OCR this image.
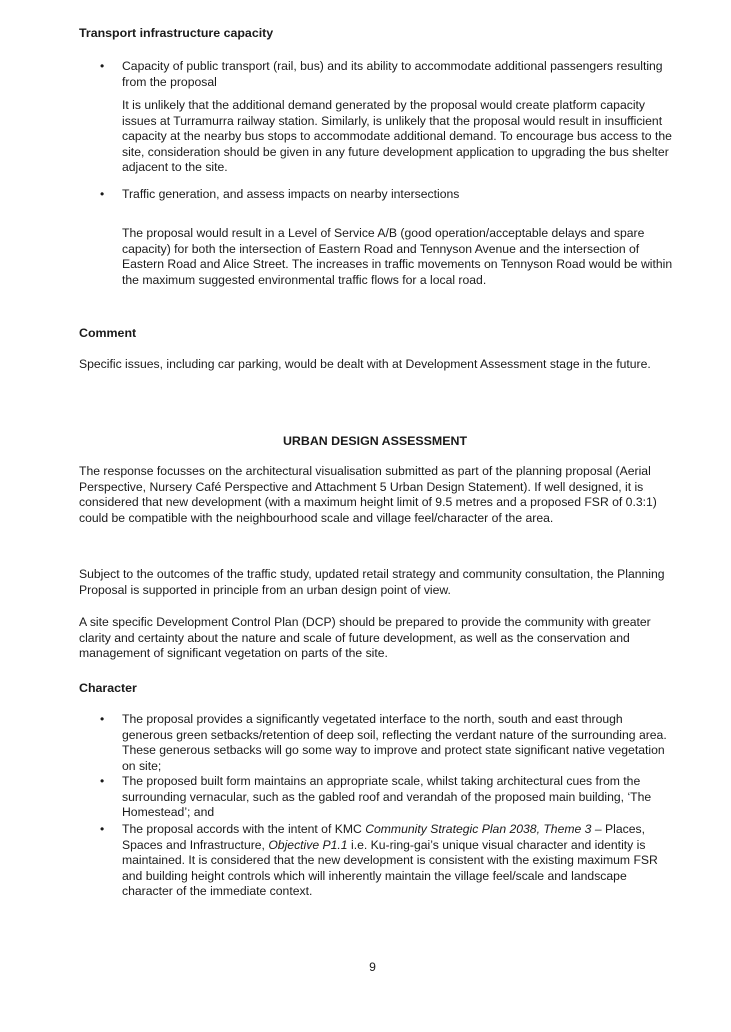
Transport infrastructure capacity
• Capacity of public transport (rail, bus) and its ability to accommodate additional passengers resulting from the proposal
It is unlikely that the additional demand generated by the proposal would create platform capacity issues at Turramurra railway station. Similarly, is unlikely that the proposal would result in insufficient capacity at the nearby bus stops to accommodate additional demand. To encourage bus access to the site, consideration should be given in any future development application to upgrading the bus shelter adjacent to the site.
• Traffic generation, and assess impacts on nearby intersections
The proposal would result in a Level of Service A/B (good operation/acceptable delays and spare capacity) for both the intersection of Eastern Road and Tennyson Avenue and the intersection of Eastern Road and Alice Street. The increases in traffic movements on Tennyson Road would be within the maximum suggested environmental traffic flows for a local road.
Comment
Specific issues, including car parking, would be dealt with at Development Assessment stage in the future.
URBAN DESIGN ASSESSMENT
The response focusses on the architectural visualisation submitted as part of the planning proposal (Aerial Perspective, Nursery Café Perspective and Attachment 5 Urban Design Statement). If well designed, it is considered that new development (with a maximum height limit of 9.5 metres and a proposed FSR of 0.3:1) could be compatible with the neighbourhood scale and village feel/character of the area.
Subject to the outcomes of the traffic study, updated retail strategy and community consultation, the Planning Proposal is supported in principle from an urban design point of view.
A site specific Development Control Plan (DCP) should be prepared to provide the community with greater clarity and certainty about the nature and scale of future development, as well as the conservation and management of significant vegetation on parts of the site.
Character
• The proposal provides a significantly vegetated interface to the north, south and east through generous green setbacks/retention of deep soil, reflecting the verdant nature of the surrounding area. These generous setbacks will go some way to improve and protect state significant native vegetation on site;
• The proposed built form maintains an appropriate scale, whilst taking architectural cues from the surrounding vernacular, such as the gabled roof and verandah of the proposed main building, ‘The Homestead’; and
• The proposal accords with the intent of KMC Community Strategic Plan 2038, Theme 3 – Places, Spaces and Infrastructure, Objective P1.1 i.e. Ku-ring-gai’s unique visual character and identity is maintained. It is considered that the new development is consistent with the existing maximum FSR and building height controls which will inherently maintain the village feel/scale and landscape character of the immediate context.
9
